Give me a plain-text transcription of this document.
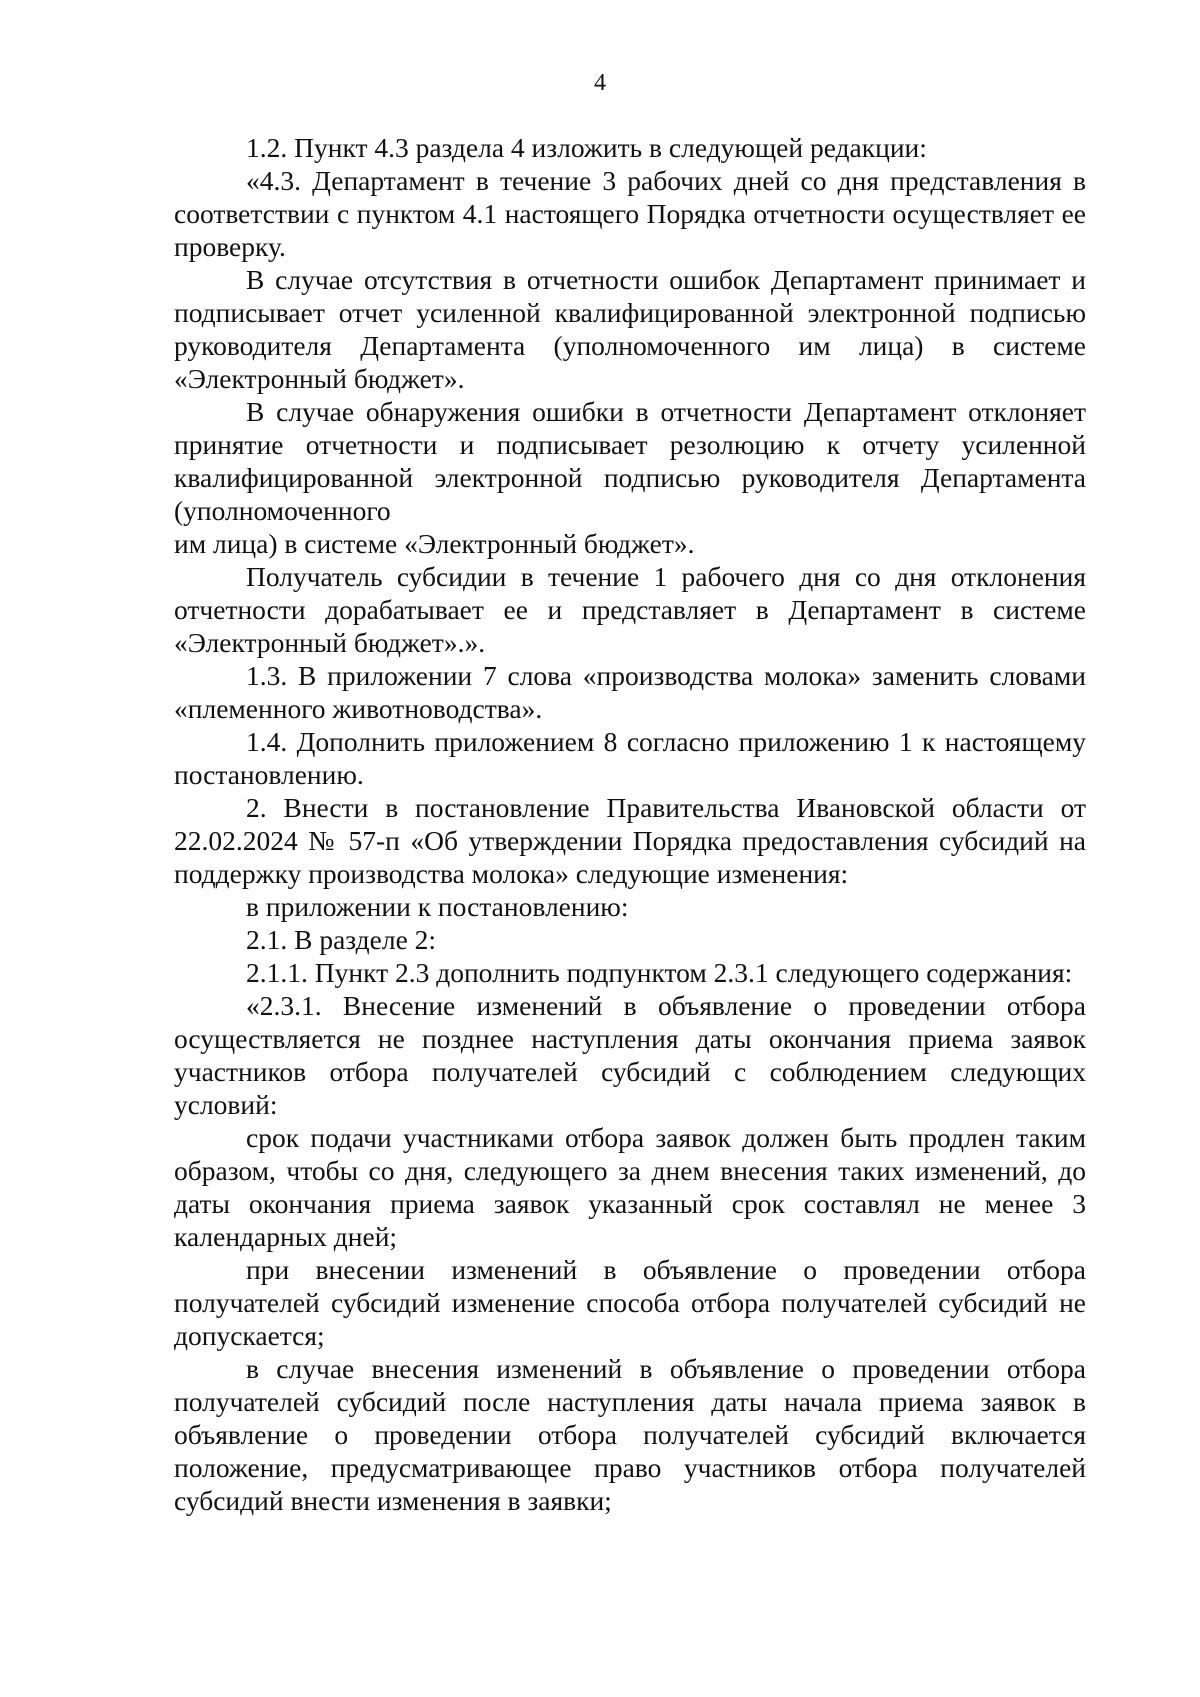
4

1.2. Пункт 4.3 раздела 4 изложить в следующей редакции:

«4.3. Департамент в течение 3 рабочих дней со дня представления в соответствии с пунктом 4.1 настоящего Порядка отчетности осуществляет ее проверку.

В случае отсутствия в отчетности ошибок Департамент принимает и подписывает отчет усиленной квалифицированной электронной подписью руководителя Департамента (уполномоченного им лица) в системе «Электронный бюджет».

В случае обнаружения ошибки в отчетности Департамент отклоняет принятие отчетности и подписывает резолюцию к отчету усиленной квалифицированной электронной подписью руководителя Департамента (уполномоченного

им лица) в системе «Электронный бюджет».

Получатель субсидии в течение 1 рабочего дня со дня отклонения отчетности дорабатывает ее и представляет в Департамент в системе «Электронный бюджет».».

1.3. В приложении 7 слова «производства молока» заменить словами «племенного животноводства».

1.4. Дополнить приложением 8 согласно приложению 1 к настоящему постановлению.

2. Внести в постановление Правительства Ивановской области от 22.02.2024 № 57-п «Об утверждении Порядка предоставления субсидий на поддержку производства молока» следующие изменения:

в приложении к постановлению:

2.1. В разделе 2:

2.1.1. Пункт 2.3 дополнить подпунктом 2.3.1 следующего содержания:

«2.3.1. Внесение изменений в объявление о проведении отбора осуществляется не позднее наступления даты окончания приема заявок участников отбора получателей субсидий с соблюдением следующих условий:

срок подачи участниками отбора заявок должен быть продлен таким образом, чтобы со дня, следующего за днем внесения таких изменений, до даты окончания приема заявок указанный срок составлял не менее 3 календарных дней;

при внесении изменений в объявление о проведении отбора получателей субсидий изменение способа отбора получателей субсидий не допускается;

в случае внесения изменений в объявление о проведении отбора получателей субсидий после наступления даты начала приема заявок в объявление о проведении отбора получателей субсидий включается положение, предусматривающее право участников отбора получателей субсидий внести изменения в заявки;
